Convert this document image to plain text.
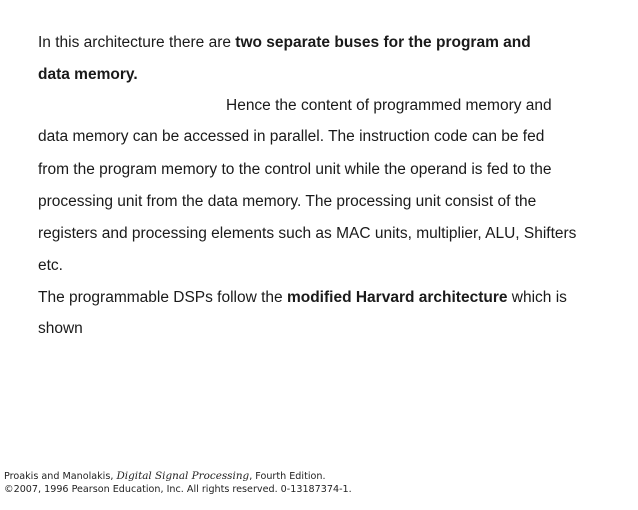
In this architecture there are two separate buses for the program and
data memory.
Hence the content of programmed memory and
data memory can be accessed in parallel. The instruction code can be fed
from the program memory to the control unit while the operand is fed to the
processing unit from the data memory. The processing unit consist of the
registers and processing elements such as MAC units, multiplier, ALU, Shifters
etc.
The programmable DSPs follow the modified Harvard architecture which is
shown
Proakis and Manolakis, Digital Signal Processing, Fourth Edition.
©2007, 1996 Pearson Education, Inc. All rights reserved. 0-13187374-1.
